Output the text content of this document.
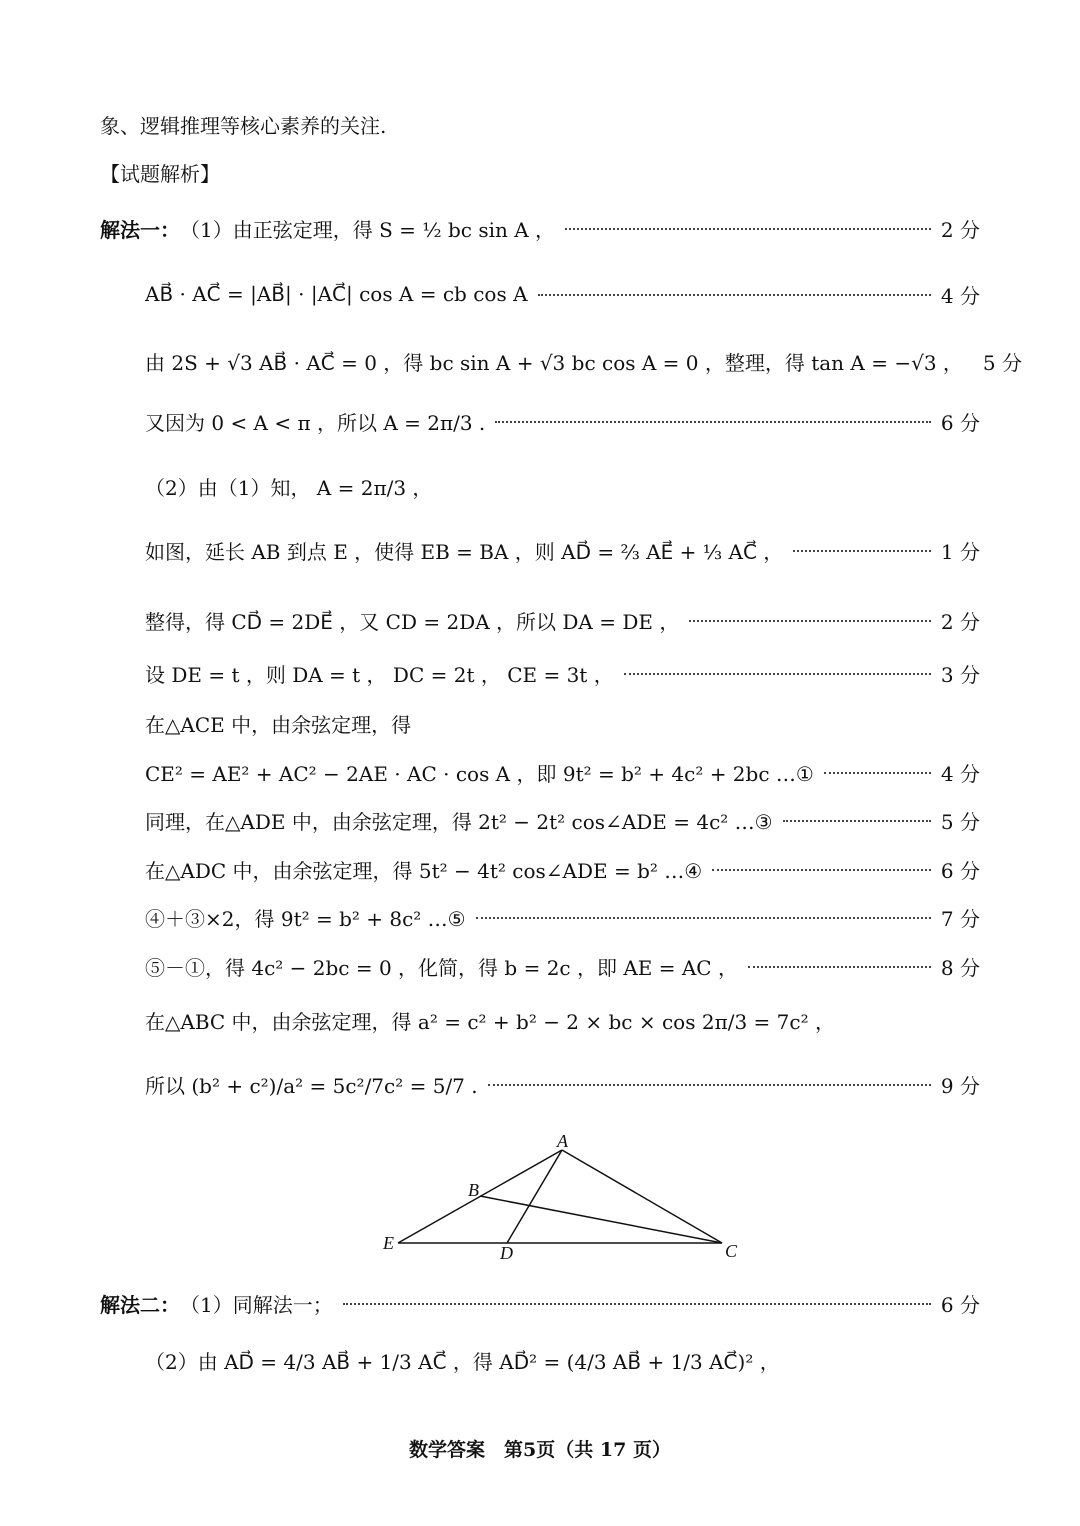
象、逻辑推理等核心素养的关注.
【试题解析】
解法一： （1）由正弦定理，得 S = ½ bc sin A ，	2 分
AB⃗ · AC⃗ = |AB⃗| · |AC⃗| cos A = cb cos A	4 分
由 2S + √3 AB⃗ · AC⃗ = 0 ，得 bc sin A + √3 bc cos A = 0 ，整理，得 tan A = −√3 ， 5 分
又因为 0 < A < π ，所以 A = 2π/3 .	6 分
（2）由（1）知， A = 2π/3 ，
如图，延长 AB 到点 E ，使得 EB = BA ，则 AD⃗ = ⅔ AE⃗ + ⅓ AC⃗ ，	1 分
整得，得 CD⃗ = 2DE⃗ ，又 CD = 2DA ，所以 DA = DE ，	2 分
设 DE = t ，则 DA = t ， DC = 2t ， CE = 3t ，	3 分
在△ACE 中，由余弦定理，得
CE² = AE² + AC² − 2AE · AC · cos A ，即 9t² = b² + 4c² + 2bc …①	4 分
同理，在△ADE 中，由余弦定理，得 2t² − 2t² cos∠ADE = 4c² …③	5 分
在△ADC 中，由余弦定理，得 5t² − 4t² cos∠ADE = b² …④	6 分
④＋③×2，得 9t² = b² + 8c² …⑤	7 分
⑤－①，得 4c² − 2bc = 0 ，化简，得 b = 2c ，即 AE = AC ，	8 分
在△ABC 中，由余弦定理，得 a² = c² + b² − 2 × bc × cos 2π/3 = 7c² ，
所以 (b² + c²)/a² = 5c²/7c² = 5/7 .	9 分
A
B
C
D
E
解法二： （1）同解法一；	6 分
（2）由 AD⃗ = 4/3 AB⃗ + 1/3 AC⃗ ，得 AD⃗² = (4/3 AB⃗ + 1/3 AC⃗)² ，
数学答案　第5页（共 17 页）
